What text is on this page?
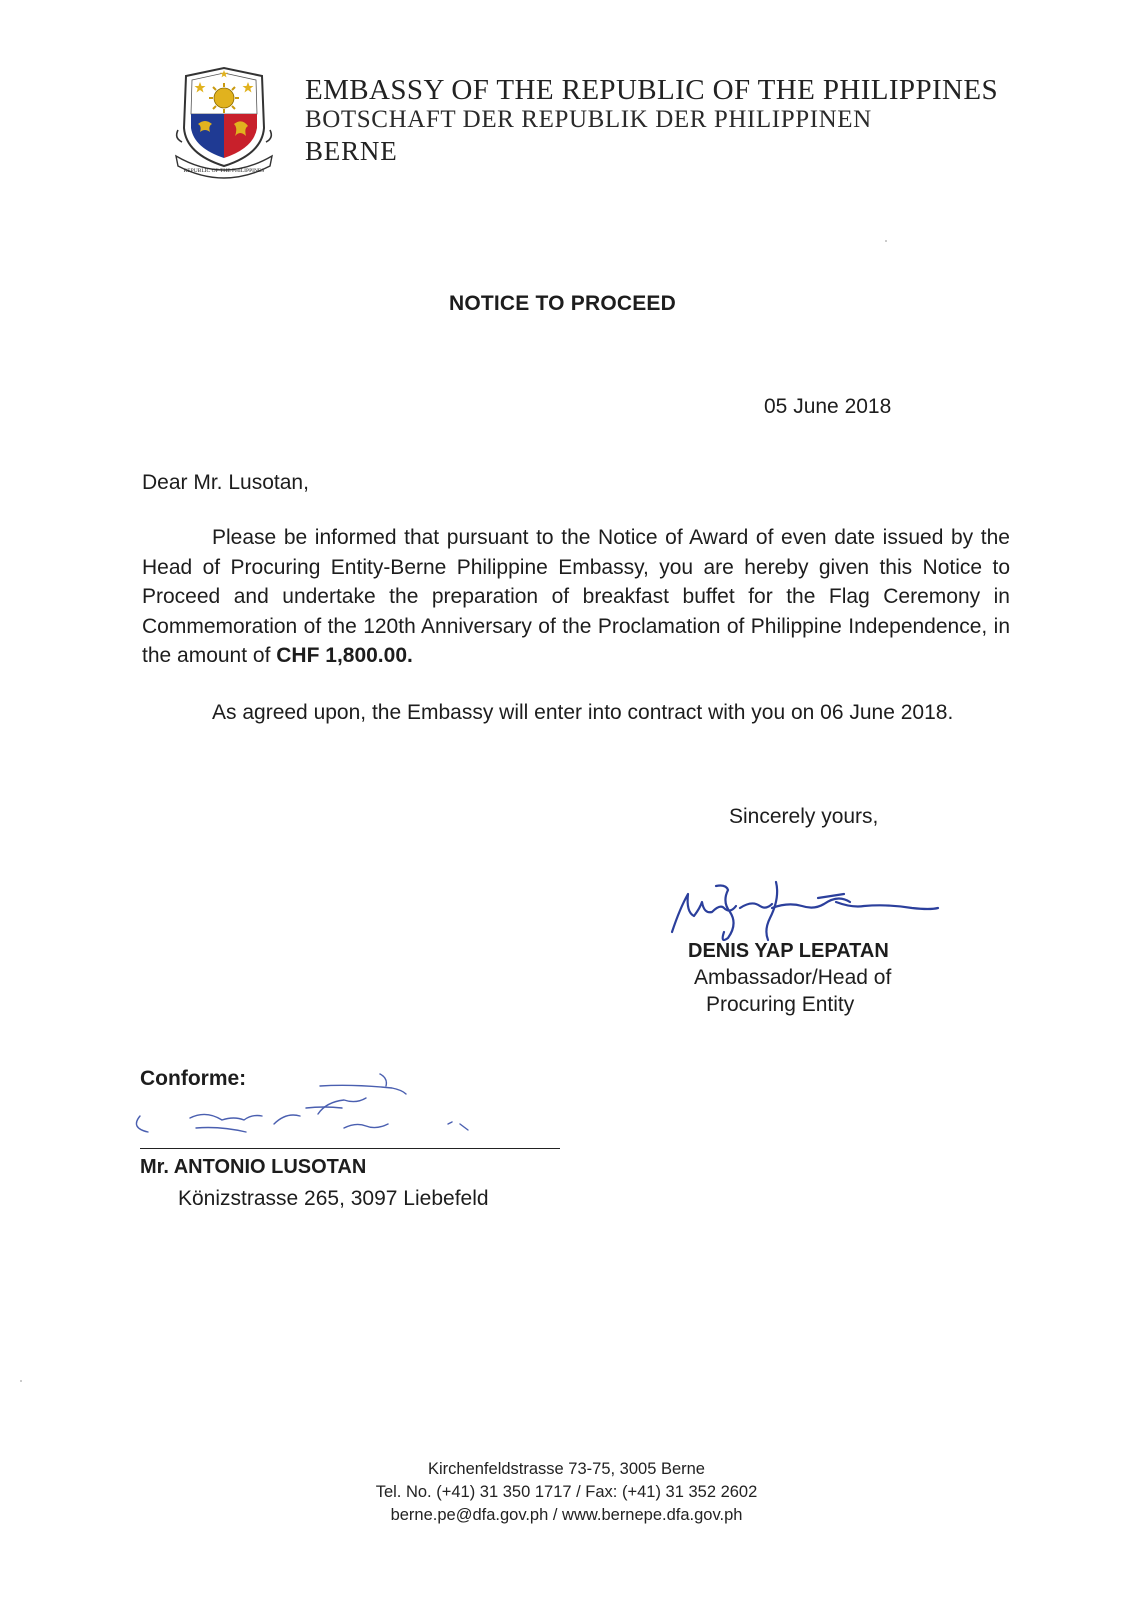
REPUBLIC OF THE PHILIPPINES
EMBASSY OF THE REPUBLIC OF THE PHILIPPINES
BOTSCHAFT DER REPUBLIK DER PHILIPPINEN
BERNE
NOTICE TO PROCEED
05 June 2018
Dear Mr. Lusotan,

Please be informed that pursuant to the Notice of Award of even date issued by the Head of Procuring Entity-Berne Philippine Embassy, you are hereby given this Notice to Proceed and undertake the preparation of breakfast buffet for the Flag Ceremony in Commemoration of the 120th Anniversary of the Proclamation of Philippine Independence, in the amount of CHF 1,800.00.

As agreed upon, the Embassy will enter into contract with you on 06 June 2018.

Sincerely yours,
DENIS YAP LEPATAN
Ambassador/Head of
Procuring Entity
Conforme:
Mr. ANTONIO LUSOTAN
Könizstrasse 265, 3097 Liebefeld
Kirchenfeldstrasse 73-75, 3005 Berne
Tel. No. (+41) 31 350 1717 / Fax: (+41) 31 352 2602
berne.pe@dfa.gov.ph / www.bernepe.dfa.gov.ph
